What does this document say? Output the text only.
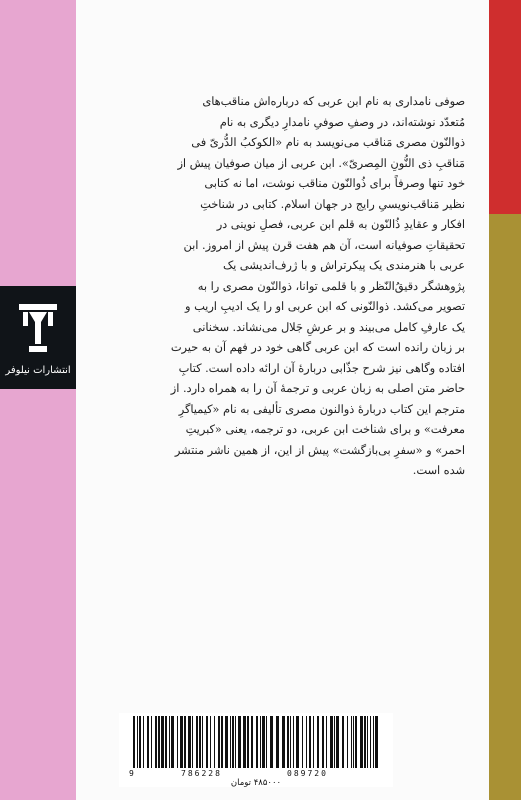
انتشارات نیلوفر
صوفی نامداری به نام ابن عربی که درباره‌اش مناقب‌های
مُتعدّد نوشته‌اند، در وصفِ صوفیِ نامدارِ دیگری به نام
ذوالنّون مصری مَناقب می‌نویسد به نام «الکوکبُ الدُّریّ فی
مَناقبِ ذی النُّونِ المِصریّ». ابن عربی از میان صوفیان پیش از
خود تنها وصرفاً برای ذُوالنّون مناقب نوشت، اما نه کتابی
نظیر مَناقب‌نویسیِ رایج در جهان اسلام. کتابی در شناختِ
افکار و عقایدِ ذُالنّون به قلم ابن عربی، فصلِ نوینی در
تحقیقاتِ صوفیانه است، آن هم هفت قرن پیش از امروز. ابن
عربی با هنرمندی یک پیکرتراش و با ژرف‌اندیشی یک
پژوهشگر دقیقُ‌النّظر و با قلمی توانا، ذوالنّون مصری را به
تصویر می‌کشد. ذوالنّونی که ابن عربی او را یک ادیبِ اریب و
یک عارفِ کامل می‌بیند و بر عرشِ جَلال می‌نشاند. سخنانی
بر زبان رانده است که ابن عربی گاهی خود در فهم آن به حیرت
افتاده وگاهی نیز شرح جذّابی دربارهٔ آن ارائه داده است. کتابِ
حاضر متن اصلی به زبان عربی و ترجمهٔ آن را به همراه دارد. از
مترجم این کتاب دربارهٔ ذوالنون مصری تألیفی به نام «کیمیاگرِ
معرفت» و برای شناخت ابن عربی، دو ترجمه، یعنی «کبریتِ
احمر» و «سفرِ بی‌بازگشت» پیش از این، از همین ناشر منتشر
شده است.
9	786228	089720
۴۸۵۰۰۰ تومان
